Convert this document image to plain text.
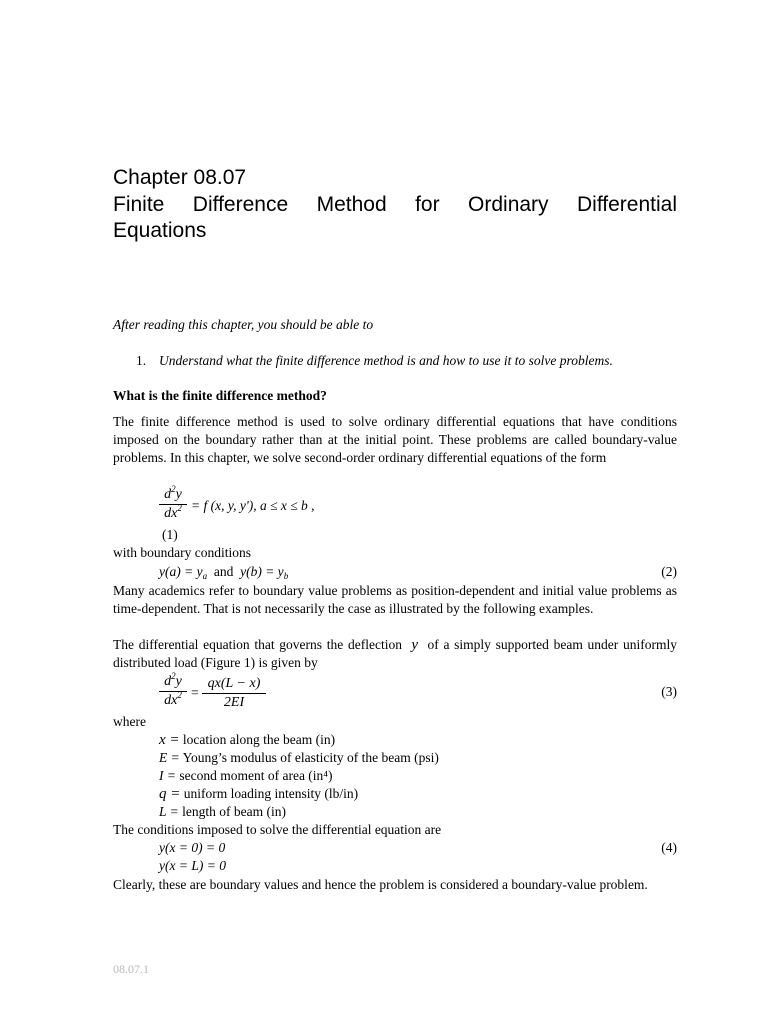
Chapter 08.07
Finite Difference Method for Ordinary Differential
Equations
After reading this chapter, you should be able to
1. Understand what the finite difference method is and how to use it to solve problems.
What is the finite difference method?
The finite difference method is used to solve ordinary differential equations that have conditions imposed on the boundary rather than at the initial point. These problems are called boundary-value problems. In this chapter, we solve second-order ordinary differential equations of the form
$d^2y$
$dx^2 = f$ (x, y, y'), a ≤ x ≤ b ,
(1)
with boundary conditions
$y(a) = y_a$ and $y(b) = y_b$	(2)
Many academics refer to boundary value problems as position-dependent and initial value problems as time-dependent. That is not necessarily the case as illustrated by the following examples.
The differential equation that governs the deflection y of a simply supported beam under uniformly distributed load (Figure 1) is given by
$d^2y$
$dx^2$ =
qx(L − x)
2EI
(3)
where
x = location along the beam (in)
E = Young’s modulus of elasticity of the beam (psi)
I = second moment of area (in⁴)
q = uniform loading intensity (lb/in)
L = length of beam (in)
The conditions imposed to solve the differential equation are
y(x = 0) = 0
y(x = L) = 0
(4)
Clearly, these are boundary values and hence the problem is considered a boundary-value problem.
08.07.1
